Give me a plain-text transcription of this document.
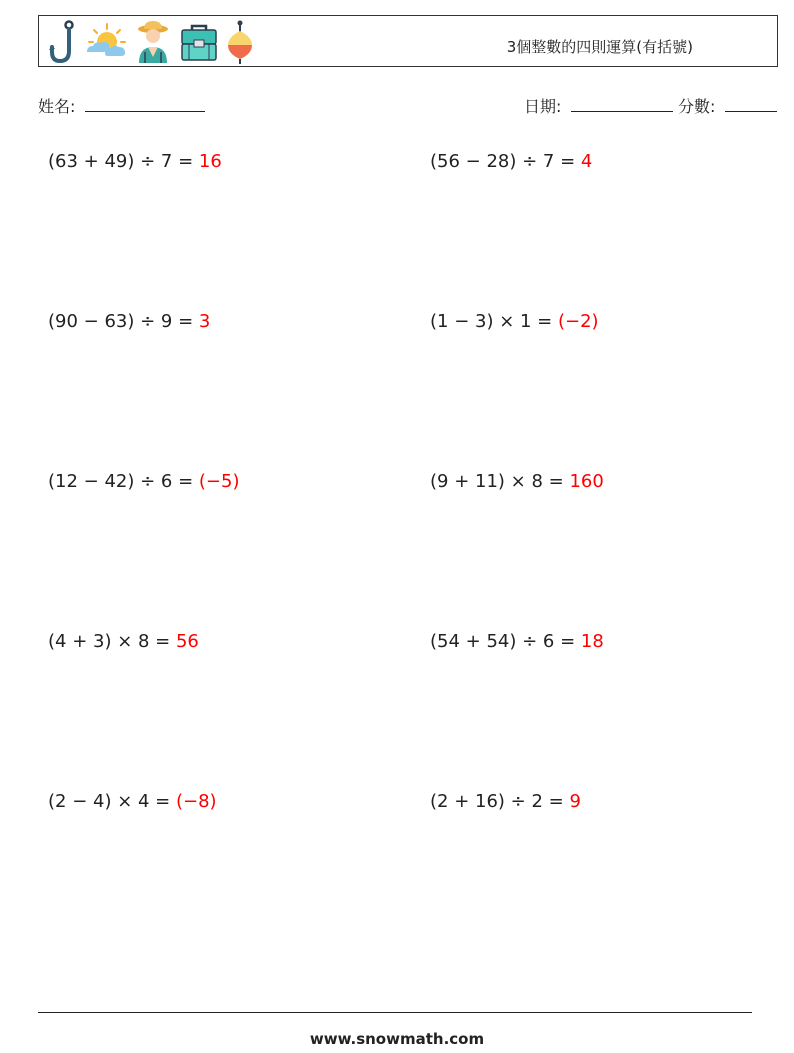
3個整數的四則運算(有括號)
姓名:	日期:	分數:
(63 + 49) ÷ 7 = 16	(56 − 28) ÷ 7 = 4
(90 − 63) ÷ 9 = 3	(1 − 3) × 1 = (−2)
(12 − 42) ÷ 6 = (−5)	(9 + 11) × 8 = 160
(4 + 3) × 8 = 56	(54 + 54) ÷ 6 = 18
(2 − 4) × 4 = (−8)	(2 + 16) ÷ 2 = 9
www.snowmath.com
